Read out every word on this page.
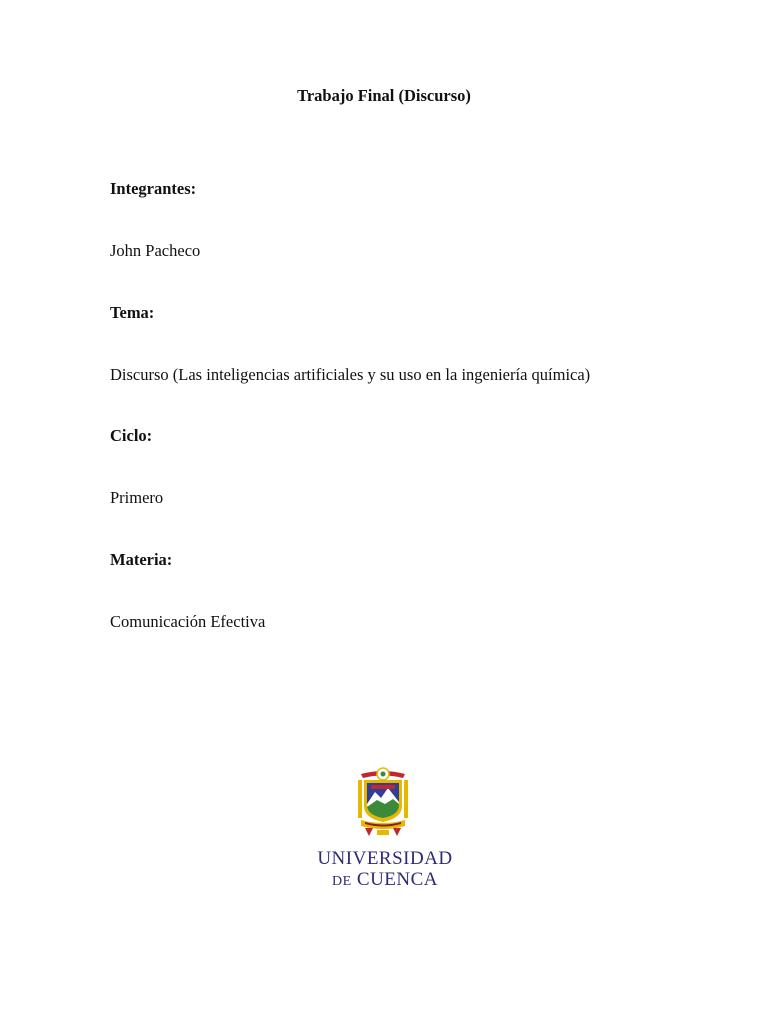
Trabajo Final (Discurso)
Integrantes:
John Pacheco
Tema:
Discurso (Las inteligencias artificiales y su uso en la ingeniería química)
Ciclo:
Primero
Materia:
Comunicación Efectiva
UNIVERSIDAD
DE CUENCA
